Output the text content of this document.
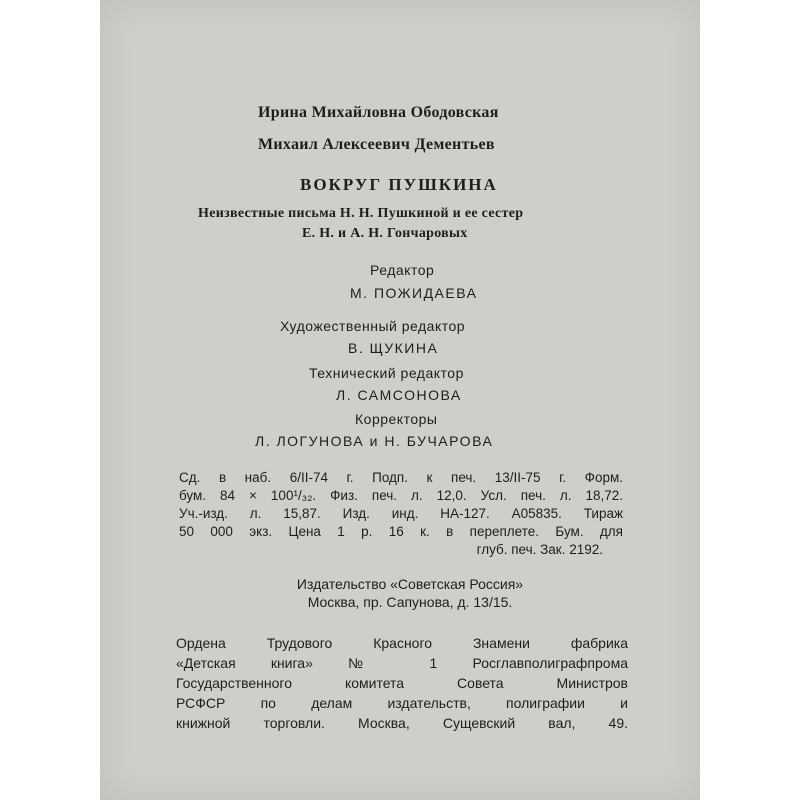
Ирина Михайловна Ободовская
Михаил Алексеевич Дементьев
ВОКРУГ ПУШКИНА
Неизвестные письма Н. Н. Пушкиной и ее сестер
Е. Н. и А. Н. Гончаровых
Редактор
М. ПОЖИДАЕВА
Художественный редактор
В. ЩУКИНА
Технический редактор
Л. САМСОНОВА
Корректоры
Л. ЛОГУНОВА и Н. БУЧАРОВА
Сд. в наб. 6/II-74 г. Подп. к печ. 13/II-75 г. Форм.
бум. 84 × 100¹/₃₂. Физ. печ. л. 12,0. Усл. печ. л. 18,72.
Уч.-изд. л. 15,87. Изд. инд. НА-127. А05835. Тираж
50 000 экз. Цена 1 р. 16 к. в переплете. Бум. для
глуб. печ. Зак. 2192.
Издательство «Советская Россия»
Москва, пр. Сапунова, д. 13/15.
Ордена Трудового Красного Знамени фабрика
«Детская книга» № 1 Росглавполиграфпрома
Государственного комитета Совета Министров
РСФСР по делам издательств, полиграфии и
книжной торговли. Москва, Сущевский вал, 49.
